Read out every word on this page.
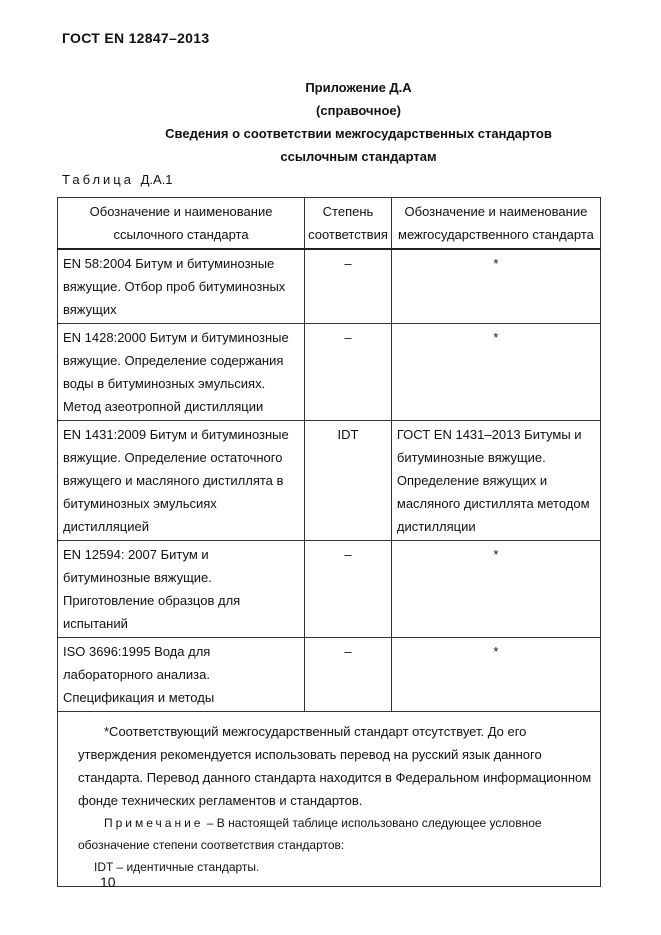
ГОСТ EN 12847–2013
Приложение Д.А
(справочное)
Сведения о соответствии межгосударственных стандартов
ссылочным стандартам
Таблица Д.А.1
Обозначение и наименование ссылочного стандарта	Степень соответствия	Обозначение и наименование межгосударственного стандарта
EN 58:2004 Битум и битуминозные вяжущие. Отбор проб битуминозных вяжущих	–	*
EN 1428:2000 Битум и битуминозные вяжущие. Определение содержания воды в битуминозных эмульсиях. Метод азеотропной дистилляции	–	*
EN 1431:2009 Битум и битуминозные вяжущие. Определение остаточного вяжущего и масляного дистиллята в битуминозных эмульсиях дистилляцией	IDT	ГОСТ EN 1431–2013 Битумы и битуминозные вяжущие. Определение вяжущих и масляного дистиллята методом дистилляции
EN 12594: 2007 Битум и битуминозные вяжущие. Приготовление образцов для испытаний	–	*
ISO 3696:1995 Вода для лабораторного анализа. Спецификация и методы	–	*

*Соответствующий межгосударственный стандарт отсутствует. До его утверждения рекомендуется использовать перевод на русский язык данного стандарта. Перевод данного стандарта находится в Федеральном информационном фонде технических регламентов и стандартов.

Примечание – В настоящей таблице использовано следующее условное обозначение степени соответствия стандартов:

IDT – идентичные стандарты.		

10
